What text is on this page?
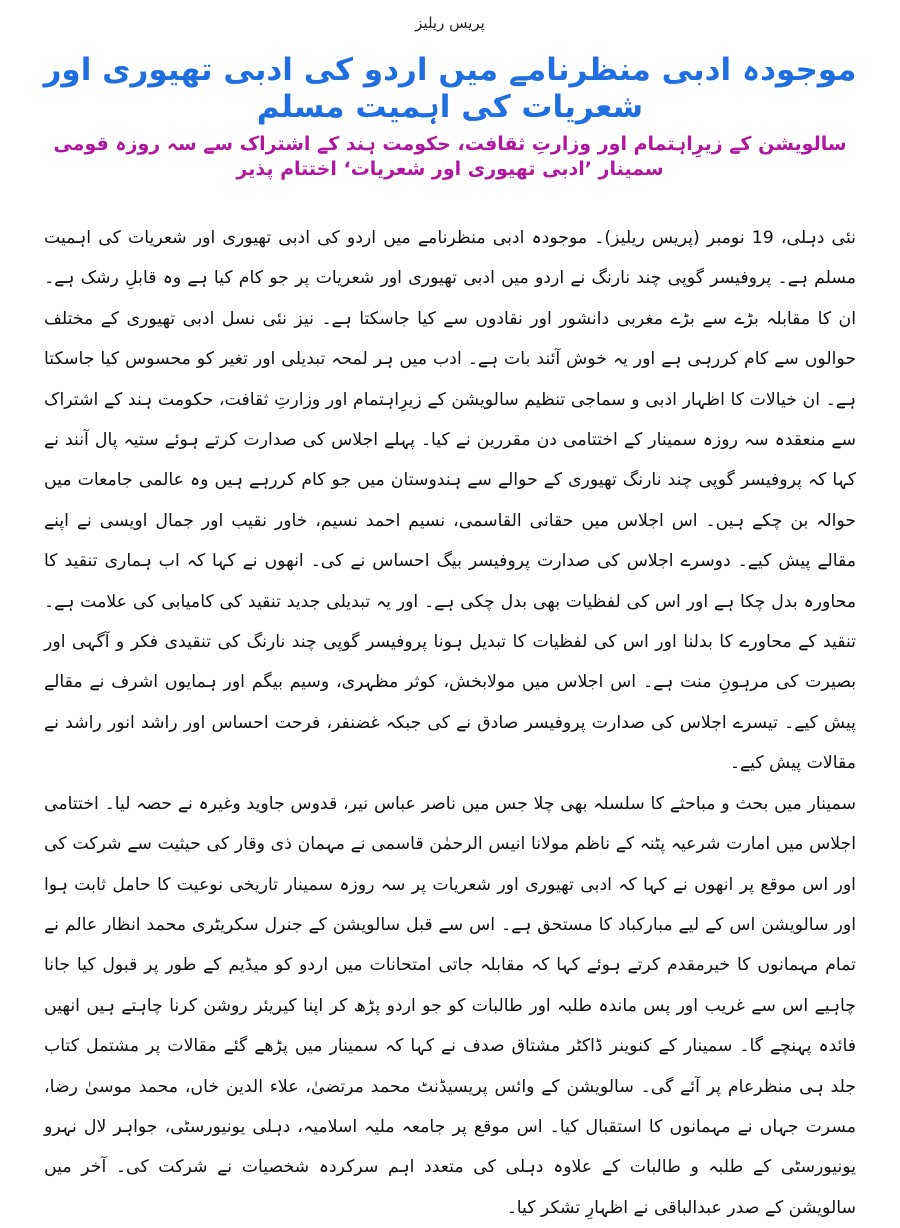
پریس ریلیز
موجودہ ادبی منظرنامے میں اردو کی ادبی تھیوری اور شعریات کی اہمیت مسلم
سالویشن کے زیرِاہتمام اور وزارتِ ثقافت، حکومت ہند کے اشتراک سے سہ روزہ قومی سمینار ’ادبی تھیوری اور شعریات‘ اختتام پذیر

نئی دہلی، 19 نومبر (پریس ریلیز)۔ موجودہ ادبی منظرنامے میں اردو کی ادبی تھیوری اور شعریات کی اہمیت مسلم ہے۔ پروفیسر گوپی چند نارنگ نے اردو میں ادبی تھیوری اور شعریات پر جو کام کیا ہے وہ قابلِ رشک ہے۔ ان کا مقابلہ بڑے سے بڑے مغربی دانشور اور نقادوں سے کیا جاسکتا ہے۔ نیز نئی نسل ادبی تھیوری کے مختلف حوالوں سے کام کررہی ہے اور یہ خوش آئند بات ہے۔ ادب میں ہر لمحہ تبدیلی اور تغیر کو محسوس کیا جاسکتا ہے۔ ان خیالات کا اظہار ادبی و سماجی تنظیم سالویشن کے زیرِاہتمام اور وزارتِ ثقافت، حکومت ہند کے اشتراک سے منعقدہ سہ روزہ سمینار کے اختتامی دن مقررین نے کیا۔ پہلے اجلاس کی صدارت کرتے ہوئے ستیہ پال آنند نے کہا کہ پروفیسر گوپی چند نارنگ تھیوری کے حوالے سے ہندوستان میں جو کام کررہے ہیں وہ عالمی جامعات میں حوالہ بن چکے ہیں۔ اس اجلاس میں حقانی القاسمی، نسیم احمد نسیم، خاور نقیب اور جمال اویسی نے اپنے مقالے پیش کیے۔ دوسرے اجلاس کی صدارت پروفیسر بیگ احساس نے کی۔ انھوں نے کہا کہ اب ہماری تنقید کا محاورہ بدل چکا ہے اور اس کی لفظیات بھی بدل چکی ہے۔ اور یہ تبدیلی جدید تنقید کی کامیابی کی علامت ہے۔ تنقید کے محاورے کا بدلنا اور اس کی لفظیات کا تبدیل ہونا پروفیسر گوپی چند نارنگ کی تنقیدی فکر و آگہی اور بصیرت کی مرہونِ منت ہے۔ اس اجلاس میں مولابخش، کوثر مظہری، وسیم بیگم اور ہمایوں اشرف نے مقالے پیش کیے۔ تیسرے اجلاس کی صدارت پروفیسر صادق نے کی جبکہ غضنفر، فرحت احساس اور راشد انور راشد نے مقالات پیش کیے۔

سمینار میں بحث و مباحثے کا سلسلہ بھی چلا جس میں ناصر عباس نیر، قدوس جاوید وغیرہ نے حصہ لیا۔ اختتامی اجلاس میں امارت شرعیہ پٹنہ کے ناظم مولانا انیس الرحمٰن قاسمی نے مہمان ذی وقار کی حیثیت سے شرکت کی اور اس موقع پر انھوں نے کہا کہ ادبی تھیوری اور شعریات پر سہ روزہ سمینار تاریخی نوعیت کا حامل ثابت ہوا اور سالویشن اس کے لیے مبارکباد کا مستحق ہے۔ اس سے قبل سالویشن کے جنرل سکریٹری محمد انظار عالم نے تمام مہمانوں کا خیرمقدم کرتے ہوئے کہا کہ مقابلہ جاتی امتحانات میں اردو کو میڈیم کے طور پر قبول کیا جانا چاہیے اس سے غریب اور پس ماندہ طلبہ اور طالبات کو جو اردو پڑھ کر اپنا کیریئر روشن کرنا چاہتے ہیں انھیں فائدہ پہنچے گا۔ سمینار کے کنوینر ڈاکٹر مشتاق صدف نے کہا کہ سمینار میں پڑھے گئے مقالات پر مشتمل کتاب جلد ہی منظرعام پر آئے گی۔ سالویشن کے وائس پریسیڈنٹ محمد مرتضیٰ، علاء الدین خاں، محمد موسیٰ رضا، مسرت جہاں نے مہمانوں کا استقبال کیا۔ اس موقع پر جامعہ ملیہ اسلامیہ، دہلی یونیورسٹی، جواہر لال نہرو یونیورسٹی کے طلبہ و طالبات کے علاوہ دہلی کی متعدد اہم سرکردہ شخصیات نے شرکت کی۔ آخر میں سالویشن کے صدر عبدالباقی نے اظہارِ تشکر کیا۔
